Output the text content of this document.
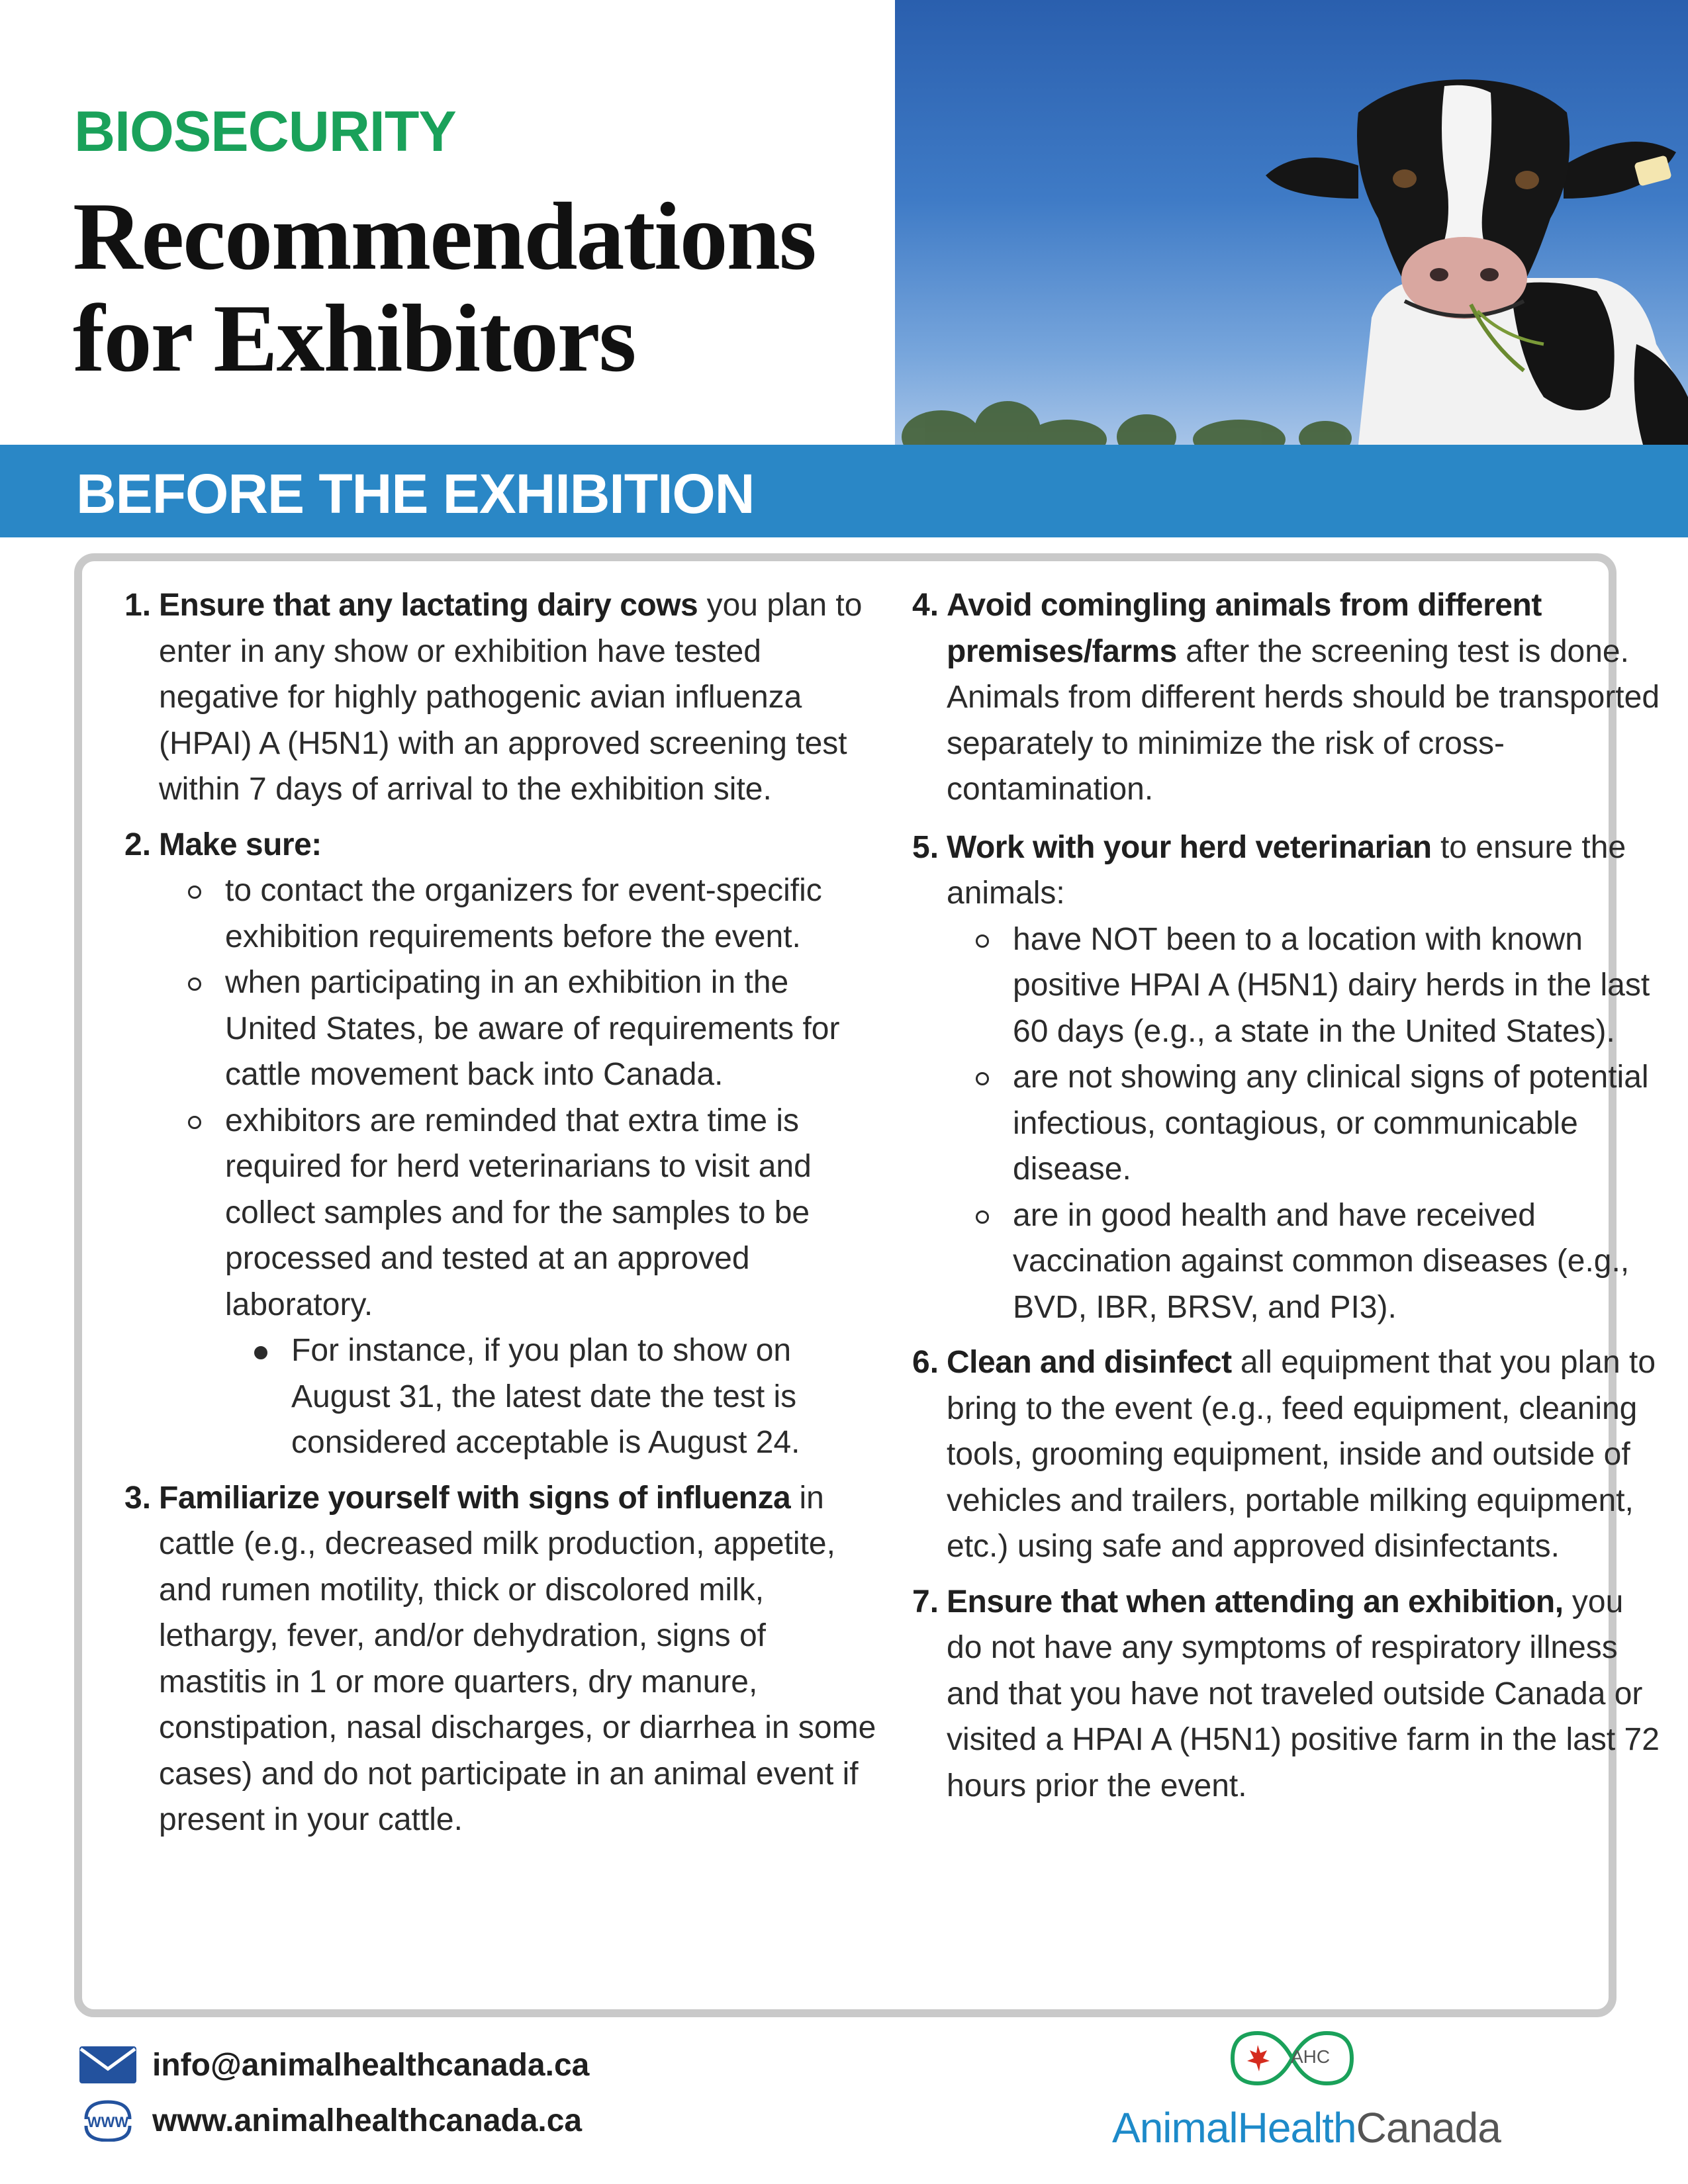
BIOSECURITY
Recommendations
for Exhibitors
BEFORE THE EXHIBITION
1. Ensure that any lactating dairy cows you plan to enter in any show or exhibition have tested negative for highly pathogenic avian influenza (HPAI) A (H5N1) with an approved screening test within 7 days of arrival to the exhibition site.
2. Make sure:
to contact the organizers for event-specific exhibition requirements before the event.
when participating in an exhibition in the United States, be aware of requirements for cattle movement back into Canada.
exhibitors are reminded that extra time is required for herd veterinarians to visit and collect samples and for the samples to be processed and tested at an approved laboratory.
For instance, if you plan to show on August 31, the latest date the test is considered acceptable is August 24.
3. Familiarize yourself with signs of influenza in cattle (e.g., decreased milk production, appetite, and rumen motility, thick or discolored milk, lethargy, fever, and/or dehydration, signs of mastitis in 1 or more quarters, dry manure, constipation, nasal discharges, or diarrhea in some cases) and do not participate in an animal event if present in your cattle.
4. Avoid comingling animals from different premises/farms after the screening test is done. Animals from different herds should be transported separately to minimize the risk of cross-contamination.
5. Work with your herd veterinarian to ensure the animals:
have NOT been to a location with known positive HPAI A (H5N1) dairy herds in the last 60 days (e.g., a state in the United States).
are not showing any clinical signs of potential infectious, contagious, or communicable disease.
are in good health and have received vaccination against common diseases (e.g., BVD, IBR, BRSV, and PI3).
6. Clean and disinfect all equipment that you plan to bring to the event (e.g., feed equipment, cleaning tools, grooming equipment, inside and outside of vehicles and trailers, portable milking equipment, etc.) using safe and approved disinfectants.
7. Ensure that when attending an exhibition, you do not have any symptoms of respiratory illness and that you have not traveled outside Canada or visited a HPAI A (H5N1) positive farm in the last 72 hours prior the event.
info@animalhealthcanada.ca
WWW www.animalhealthcanada.ca
AHC
AnimalHealthCanada
